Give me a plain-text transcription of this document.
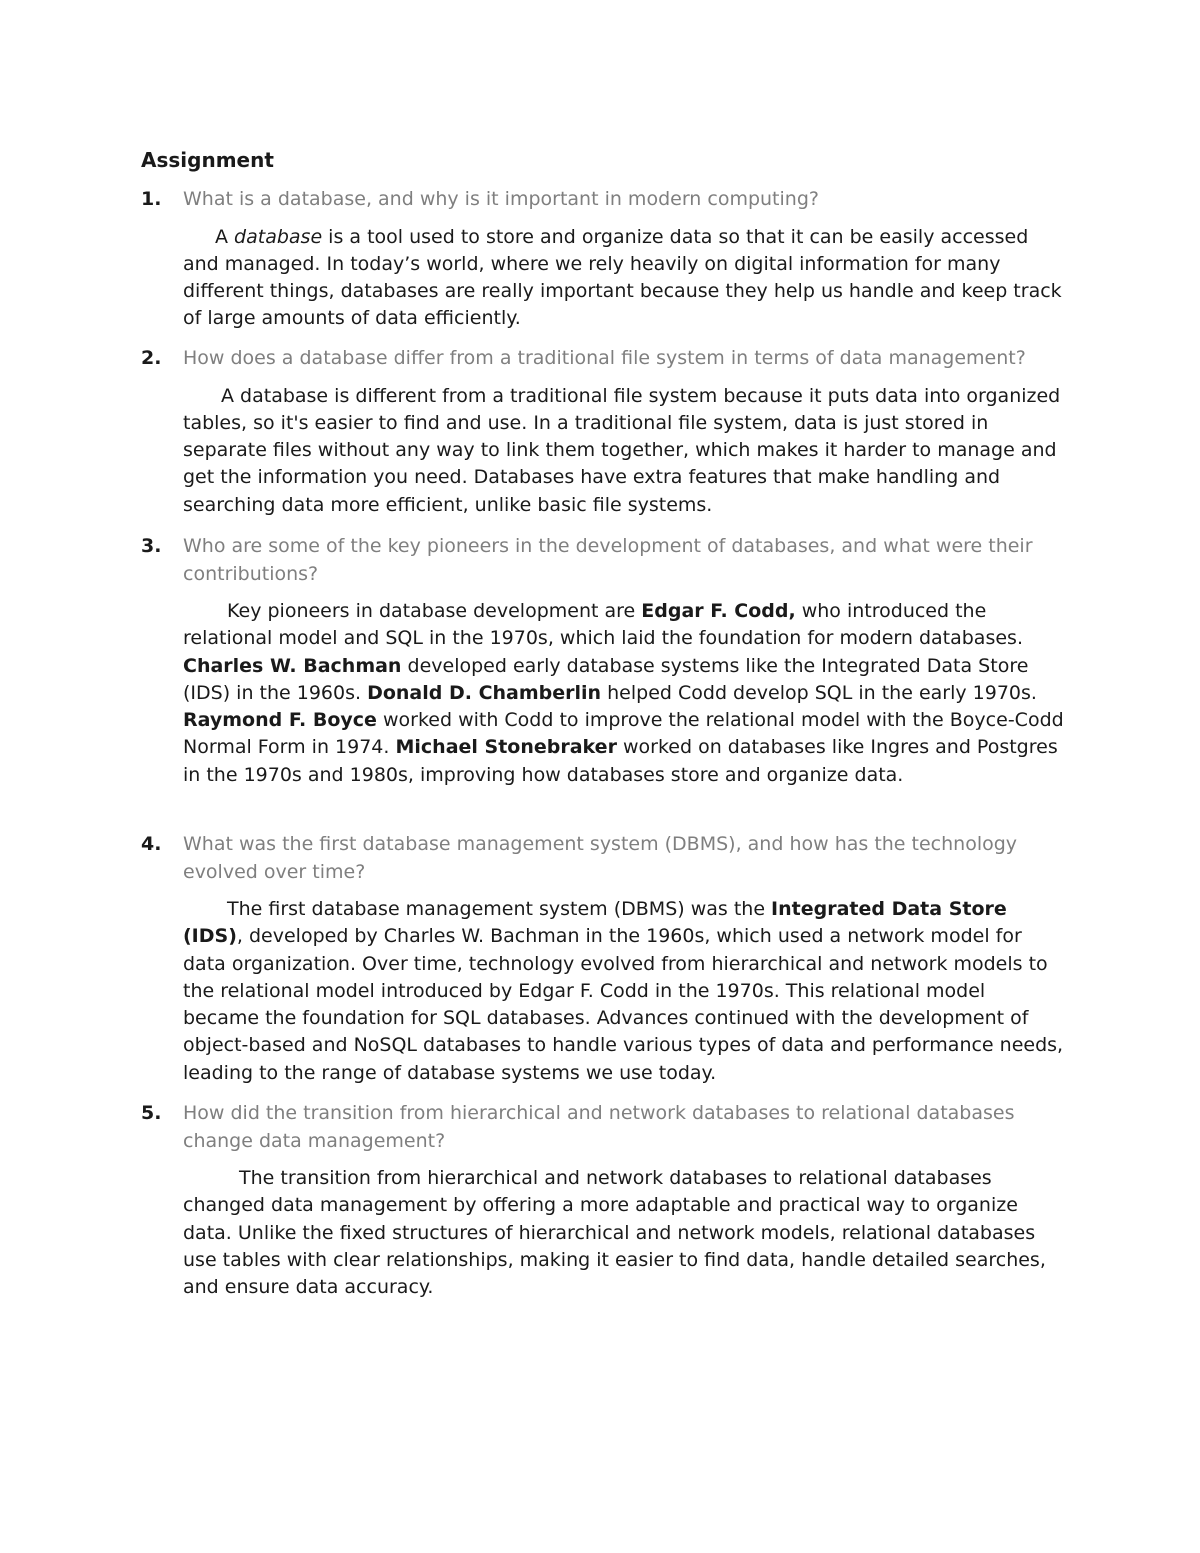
Assignment
1.	What is a database, and why is it important in modern computing?
A database is a tool used to store and organize data so that it can be easily accessed and managed. In today’s world, where we rely heavily on digital information for many different things, databases are really important because they help us handle and keep track of large amounts of data efficiently.
2.	How does a database differ from a traditional file system in terms of data management?
A database is different from a traditional file system because it puts data into organized tables, so it's easier to find and use. In a traditional file system, data is just stored in separate files without any way to link them together, which makes it harder to manage and get the information you need. Databases have extra features that make handling and searching data more efficient, unlike basic file systems.
3.	Who are some of the key pioneers in the development of databases, and what were their contributions?
Key pioneers in database development are Edgar F. Codd, who introduced the relational model and SQL in the 1970s, which laid the foundation for modern databases. Charles W. Bachman developed early database systems like the Integrated Data Store (IDS) in the 1960s. Donald D. Chamberlin helped Codd develop SQL in the early 1970s. Raymond F. Boyce worked with Codd to improve the relational model with the Boyce-Codd Normal Form in 1974. Michael Stonebraker worked on databases like Ingres and Postgres in the 1970s and 1980s, improving how databases store and organize data.
4.	What was the first database management system (DBMS), and how has the technology evolved over time?
The first database management system (DBMS) was the Integrated Data Store (IDS), developed by Charles W. Bachman in the 1960s, which used a network model for data organization. Over time, technology evolved from hierarchical and network models to the relational model introduced by Edgar F. Codd in the 1970s. This relational model became the foundation for SQL databases. Advances continued with the development of object-based and NoSQL databases to handle various types of data and performance needs, leading to the range of database systems we use today.
5.	How did the transition from hierarchical and network databases to relational databases change data management?
The transition from hierarchical and network databases to relational databases changed data management by offering a more adaptable and practical way to organize data. Unlike the fixed structures of hierarchical and network models, relational databases use tables with clear relationships, making it easier to find data, handle detailed searches, and ensure data accuracy.
